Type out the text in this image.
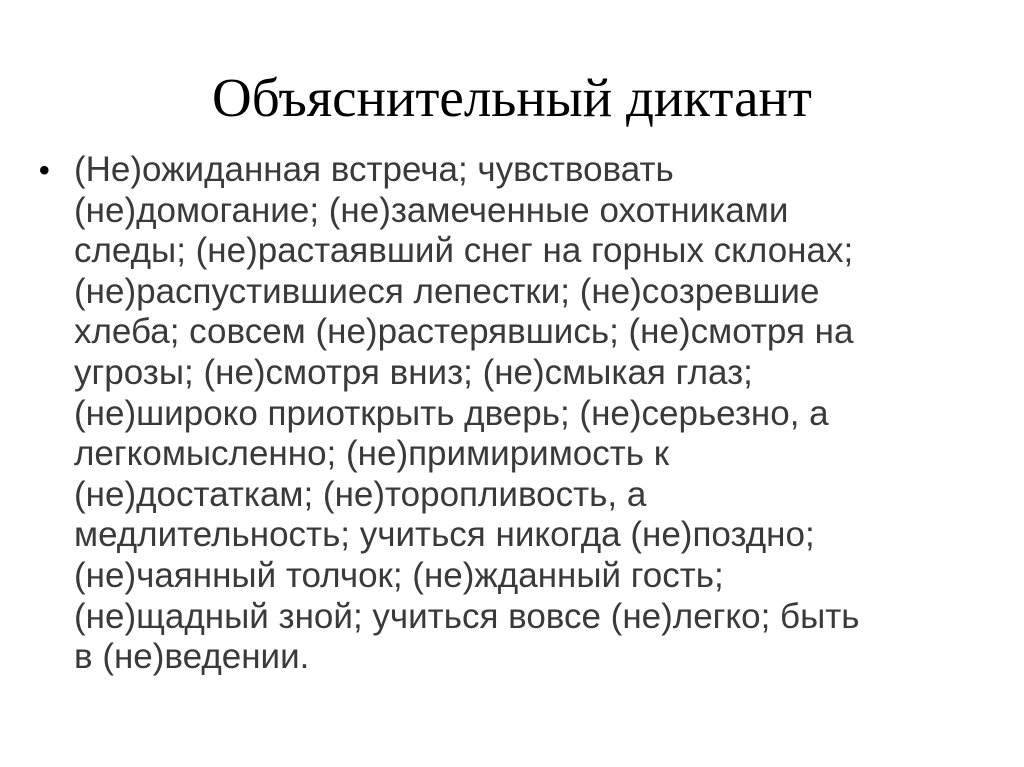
Объяснительный диктант
• (Не)ожиданная встреча; чувствовать
(не)домогание; (не)замеченные охотниками
следы; (не)растаявший снег на горных склонах;
(не)распустившиеся лепестки; (не)созревшие
хлеба; совсем (не)растерявшись; (не)смотря на
угрозы; (не)смотря вниз; (не)смыкая глаз;
(не)широко приоткрыть дверь; (не)серьезно, а
легкомысленно; (не)примиримость к
(не)достаткам; (не)торопливость, а
медлительность; учиться никогда (не)поздно;
(не)чаянный толчок; (не)жданный гость;
(не)щадный зной; учиться вовсе (не)легко; быть
в (не)ведении.
